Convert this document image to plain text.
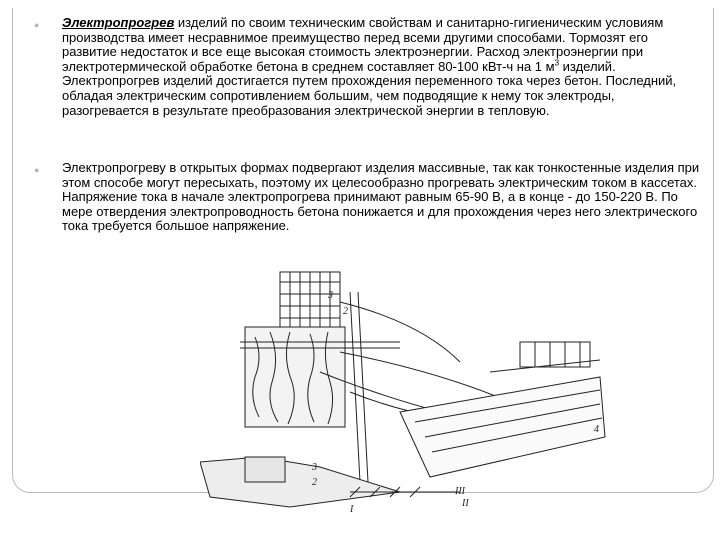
● Электропрогрев изделий по своим техническим свойствам и санитарно-гигиеническим условиям производства имеет несравнимое преимущество перед всеми другими способами. Тормозят его развитие недостаток и все еще высокая стоимость электроэнергии. Расход электроэнергии при электротермической обработке бетона в среднем составляет 80-100 кВт-ч на 1 $м^3$ изделий. Электропрогрев изделий достигается путем прохождения переменного тока через бетон. Последний, обладая электрическим сопротивлением большим, чем подводящие к нему ток электроды, разогревается в результате преобразования электрической энергии в тепловую.

● Электропрогреву в открытых формах подвергают изделия массивные, так как тонкостенные изделия при этом способе могут пересыхать, поэтому их целесообразно прогревать электрическим током в кассетах. Напряжение тока в начале электропрогрева принимают равным 65-90 В, а в конце - до 150-220 В. По мере отвердения электропроводность бетона понижается и для прохождения через него электрического тока требуется большое напряжение.

3
2
4
3
2
I
II
III
